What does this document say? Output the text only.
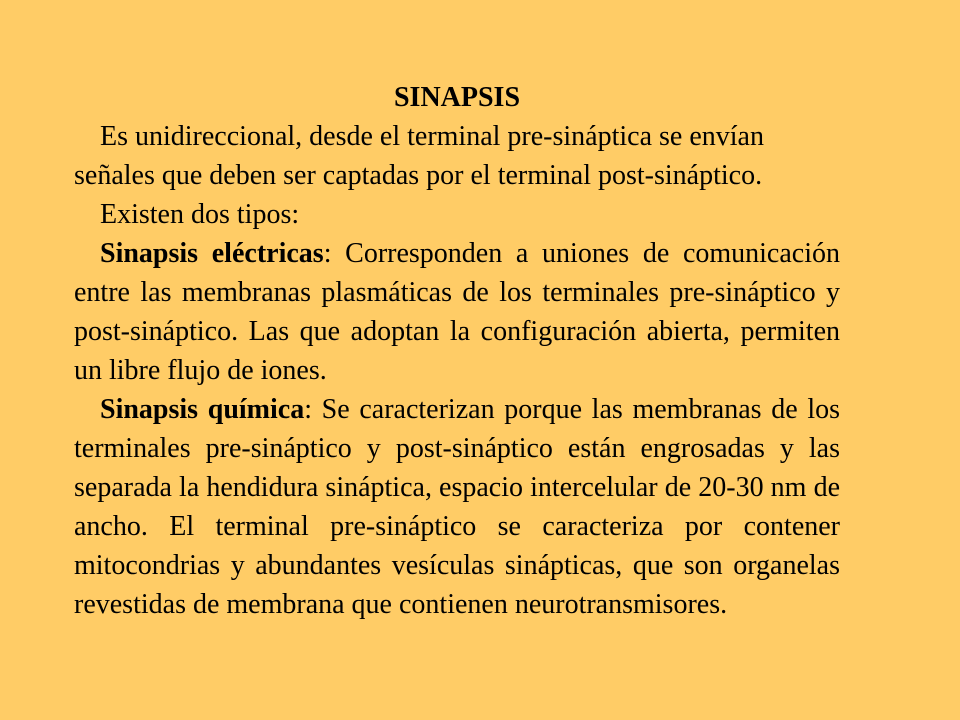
SINAPSIS

Es unidireccional, desde el terminal pre-sináptica se envían señales que deben ser captadas por el terminal post-sináptico.

Existen dos tipos:

Sinapsis eléctricas: Corresponden a uniones de comunicación entre las membranas plasmáticas de los terminales pre-sináptico y post-sináptico. Las que adoptan la configuración abierta, permiten un libre flujo de iones.

Sinapsis química: Se caracterizan porque las membranas de los terminales pre-sináptico y post-sináptico están engrosadas y las separada la hendidura sináptica, espacio intercelular de 20-30 nm de ancho. El terminal pre-sináptico se caracteriza por contener mitocondrias y abundantes vesículas sinápticas, que son organelas revestidas de membrana que contienen neurotransmisores.
